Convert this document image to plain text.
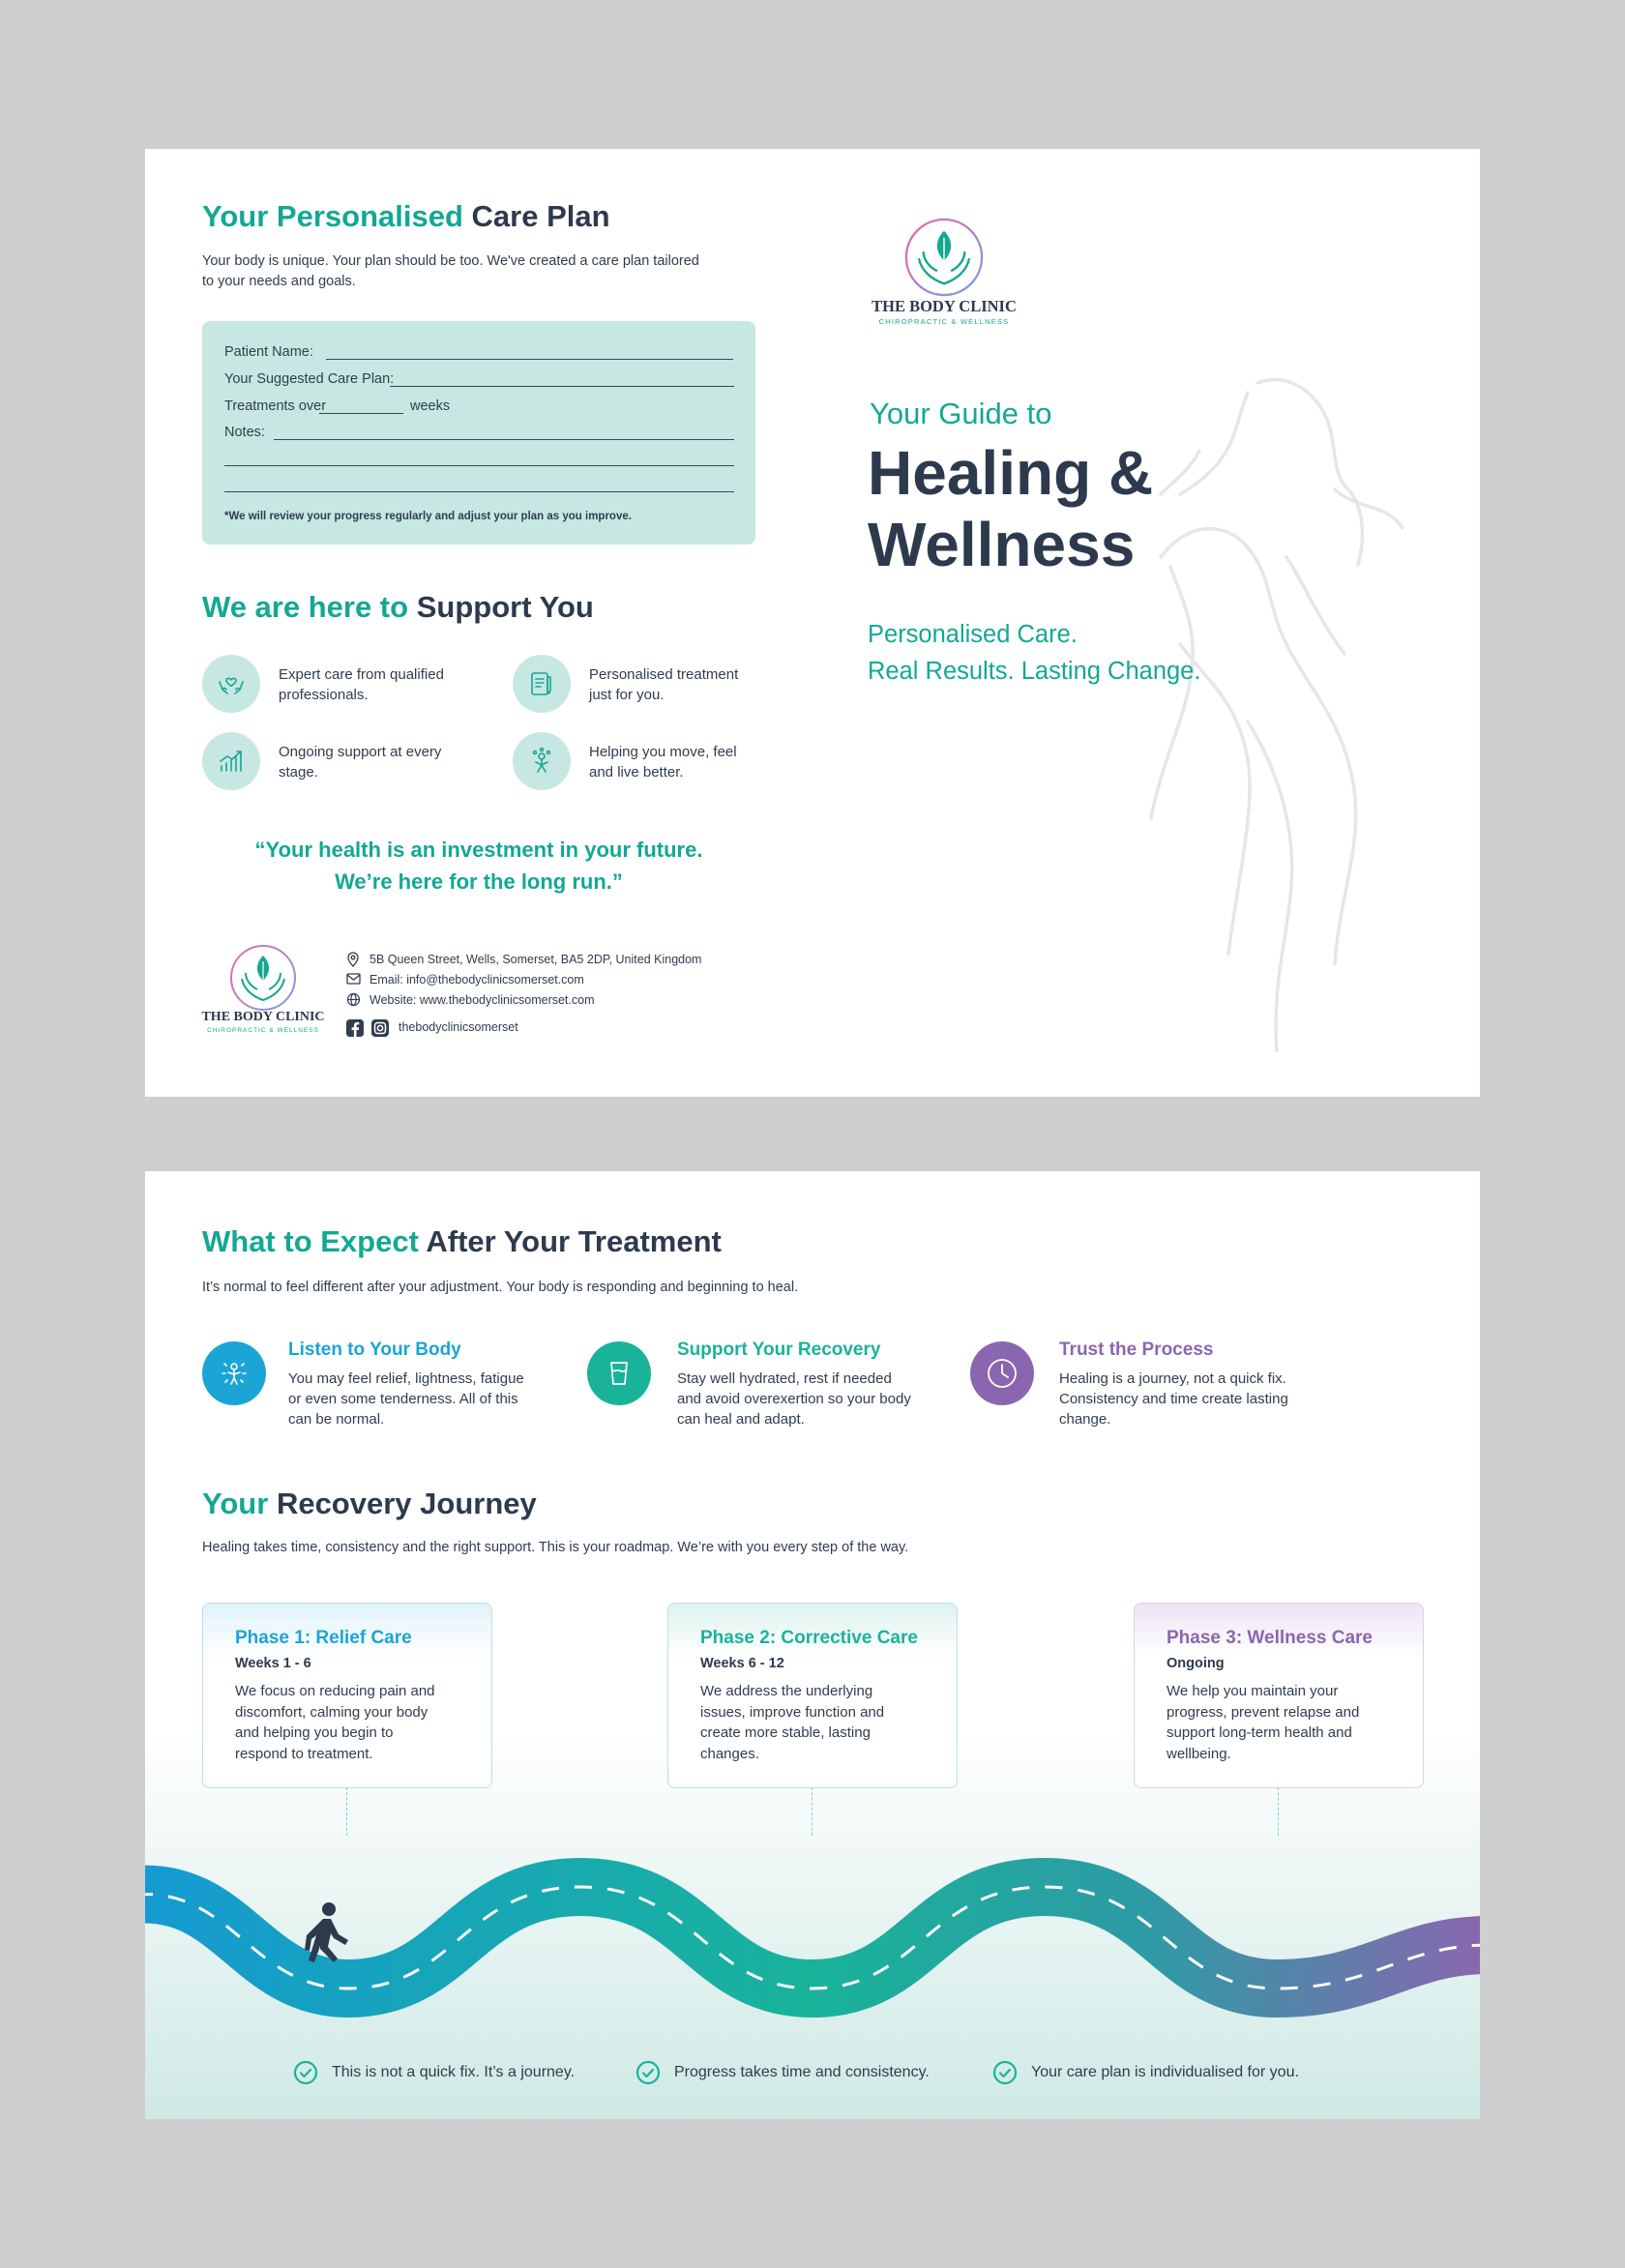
Your Personalised Care Plan
Your body is unique. Your plan should be too. We've created a care plan tailored
to your needs and goals.
Patient Name:
Your Suggested Care Plan:
Treatments over	weeks
Notes:
*We will review your progress regularly and adjust your plan as you improve.
We are here to Support You
Expert care from qualified
professionals.
Personalised treatment
just for you.
Ongoing support at every
stage.
Helping you move, feel
and live better.
“Your health is an investment in your future.
We’re here for the long run.”
THE BODY CLINIC
CHIROPRACTIC & WELLNESS
5B Queen Street, Wells, Somerset, BA5 2DP, United Kingdom
Email: info@thebodyclinicsomerset.com
Website: www.thebodyclinicsomerset.com
thebodyclinicsomerset
THE BODY CLINIC
CHIROPRACTIC & WELLNESS
Your Guide to
Healing &
Wellness
Personalised Care.
Real Results. Lasting Change.
What to Expect After Your Treatment
It’s normal to feel different after your adjustment. Your body is responding and beginning to heal.
Listen to Your Body
You may feel relief, lightness, fatigue
or even some tenderness. All of this
can be normal.
Support Your Recovery
Stay well hydrated, rest if needed
and avoid overexertion so your body
can heal and adapt.
Trust the Process
Healing is a journey, not a quick fix.
Consistency and time create lasting
change.
Your Recovery Journey
Healing takes time, consistency and the right support. This is your roadmap. We’re with you every step of the way.
Phase 1: Relief Care
Weeks 1 - 6
We focus on reducing pain and
discomfort, calming your body
and helping you begin to
respond to treatment.
Phase 2: Corrective Care
Weeks 6 - 12
We address the underlying
issues, improve function and
create more stable, lasting
changes.
Phase 3: Wellness Care
Ongoing
We help you maintain your
progress, prevent relapse and
support long-term health and
wellbeing.
This is not a quick fix. It’s a journey.	Progress takes time and consistency.	Your care plan is individualised for you.
